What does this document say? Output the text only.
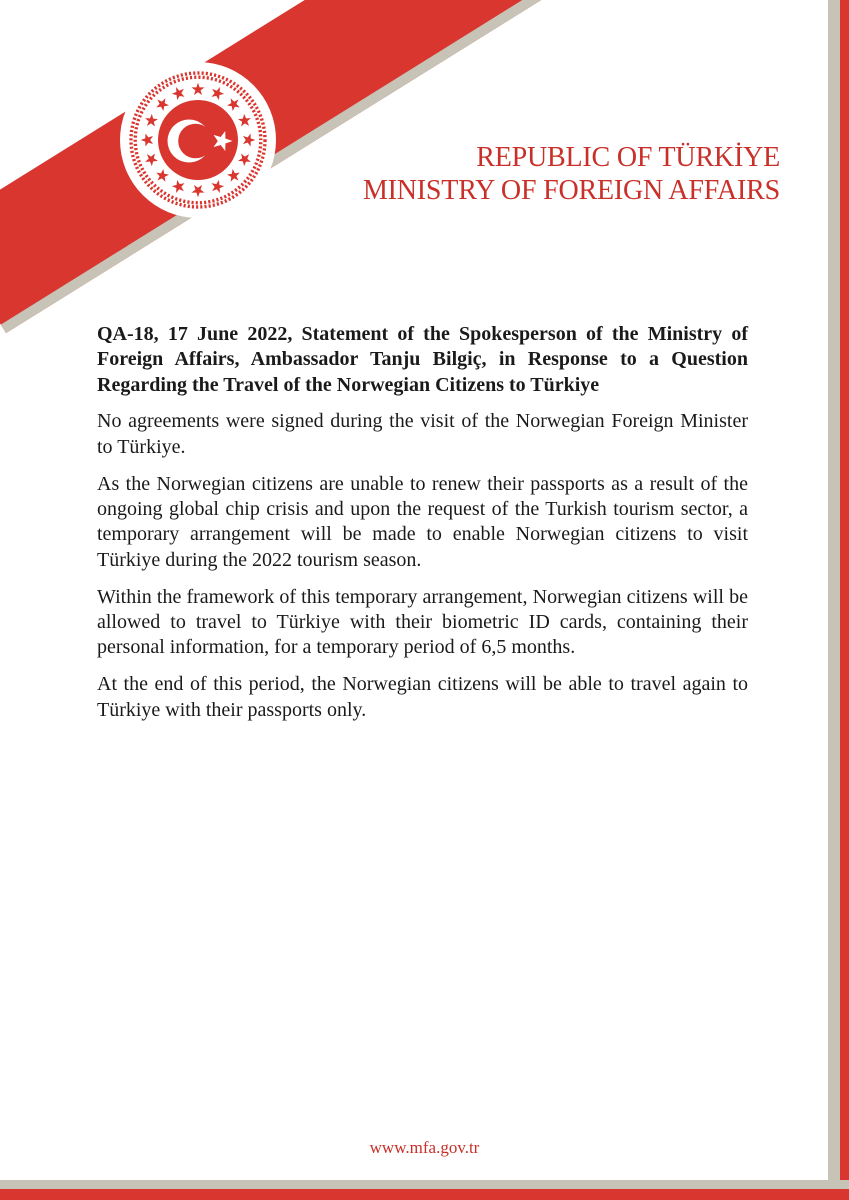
REPUBLIC OF TÜRKİYE
MINISTRY OF FOREIGN AFFAIRS
QA-18, 17 June 2022, Statement of the Spokesperson of the Ministry of Foreign Affairs, Ambassador Tanju Bilgiç, in Response to a Question Regarding the Travel of the Norwegian Citizens to Türkiye

No agreements were signed during the visit of the Norwegian Foreign Minister to Türkiye.

As the Norwegian citizens are unable to renew their passports as a result of the ongoing global chip crisis and upon the request of the Turkish tourism sector, a temporary arrangement will be made to enable Norwegian citizens to visit Türkiye during the 2022 tourism season.

Within the framework of this temporary arrangement, Norwegian citizens will be allowed to travel to Türkiye with their biometric ID cards, containing their personal information, for a temporary period of 6,5 months.

At the end of this period, the Norwegian citizens will be able to travel again to Türkiye with their passports only.

www.mfa.gov.tr
